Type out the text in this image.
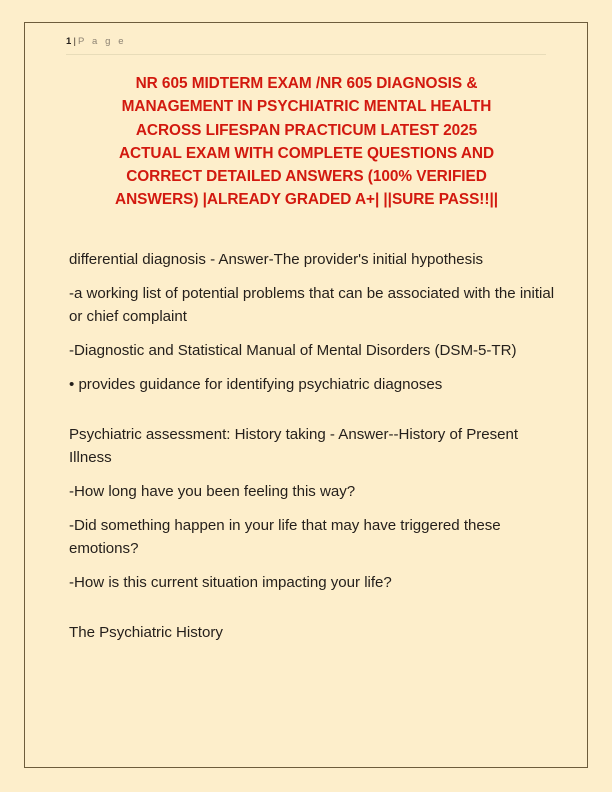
1 | P a g e
NR 605 MIDTERM EXAM /NR 605 DIAGNOSIS &
MANAGEMENT IN PSYCHIATRIC MENTAL HEALTH
ACROSS LIFESPAN PRACTICUM LATEST 2025
ACTUAL EXAM WITH COMPLETE QUESTIONS AND
CORRECT DETAILED ANSWERS (100% VERIFIED
ANSWERS) |ALREADY GRADED A+| ||SURE PASS!!||

differential diagnosis - Answer-The provider's initial hypothesis

-a working list of potential problems that can be associated with the initial or chief complaint

-Diagnostic and Statistical Manual of Mental Disorders (DSM-5-TR)

• provides guidance for identifying psychiatric diagnoses

Psychiatric assessment: History taking - Answer--History of Present Illness

-How long have you been feeling this way?

-Did something happen in your life that may have triggered these emotions?

-How is this current situation impacting your life?

The Psychiatric History
